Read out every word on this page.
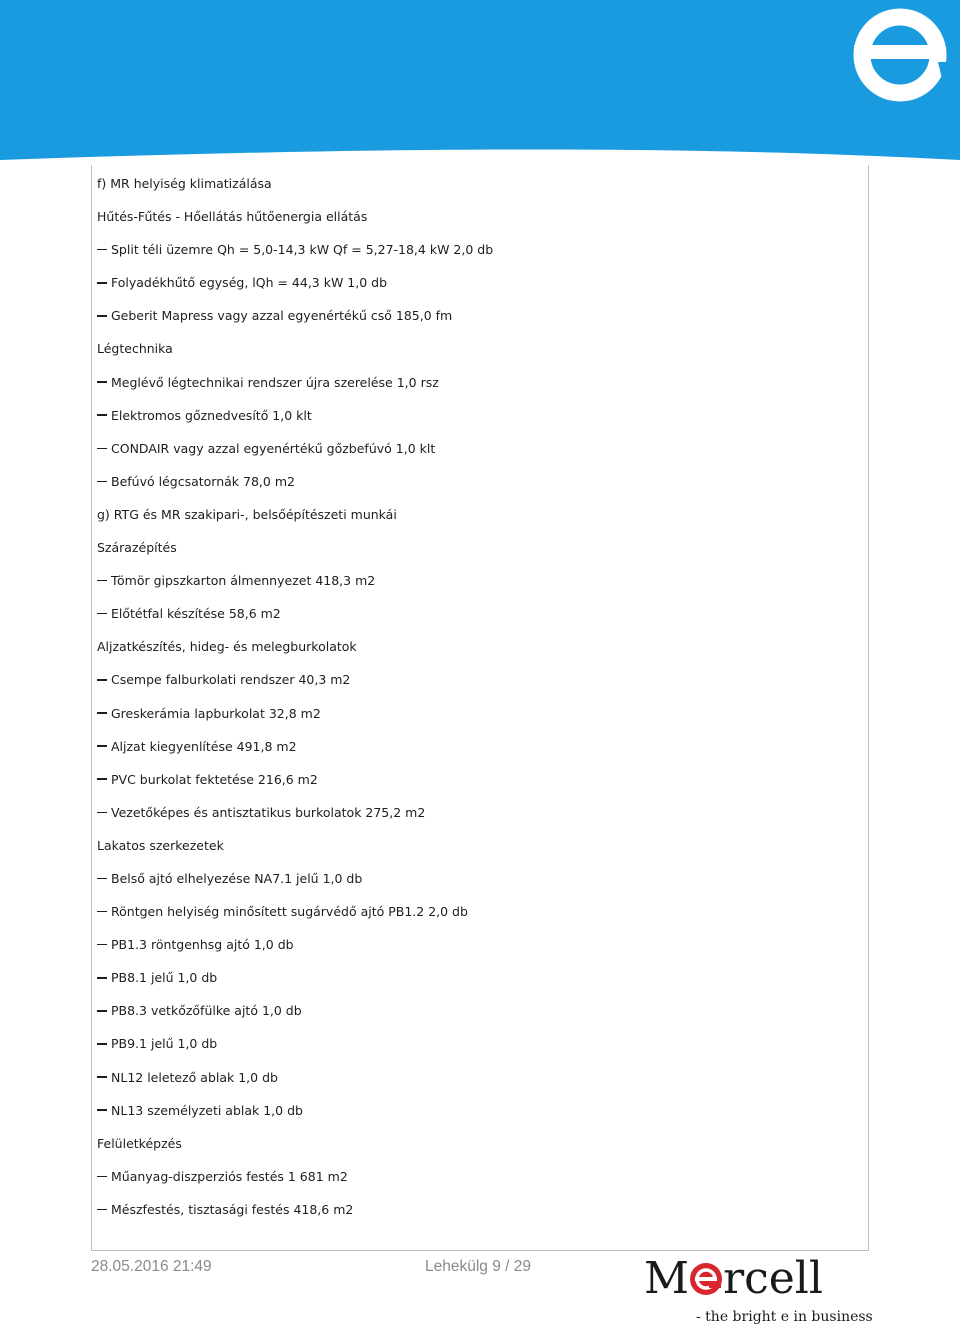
f) MR helyiség klimatizálása
Hűtés-Fűtés - Hőellátás hűtőenergia ellátás
Split téli üzemre Qh = 5,0-14,3 kW Qf = 5,27-18,4 kW 2,0 db
Folyadékhűtő egység, lQh = 44,3 kW 1,0 db
Geberit Mapress vagy azzal egyenértékű cső 185,0 fm
Légtechnika
Meglévő légtechnikai rendszer újra szerelése 1,0 rsz
Elektromos gőznedvesítő 1,0 klt
CONDAIR vagy azzal egyenértékű gőzbefúvó 1,0 klt
Befúvó légcsatornák 78,0 m2
g) RTG és MR szakipari-, belsőépítészeti munkái
Szárazépítés
Tömör gipszkarton álmennyezet 418,3 m2
Előtétfal készítése 58,6 m2
Aljzatkészítés, hideg- és melegburkolatok
Csempe falburkolati rendszer 40,3 m2
Greskerámia lapburkolat 32,8 m2
Aljzat kiegyenlítése 491,8 m2
PVC burkolat fektetése 216,6 m2
Vezetőképes és antisztatikus burkolatok 275,2 m2
Lakatos szerkezetek
Belső ajtó elhelyezése NA7.1 jelű 1,0 db
Röntgen helyiség minősített sugárvédő ajtó PB1.2 2,0 db
PB1.3 röntgenhsg ajtó 1,0 db
PB8.1 jelű 1,0 db
PB8.3 vetkőzőfülke ajtó 1,0 db
PB9.1 jelű 1,0 db
NL12 leletező ablak 1,0 db
NL13 személyzeti ablak 1,0 db
Felületképzés
Műanyag-diszperziós festés 1 681 m2
Mészfestés, tisztasági festés 418,6 m2
28.05.2016 21:49	Lehekülg 9 / 29	M rcell
- the bright e in business
